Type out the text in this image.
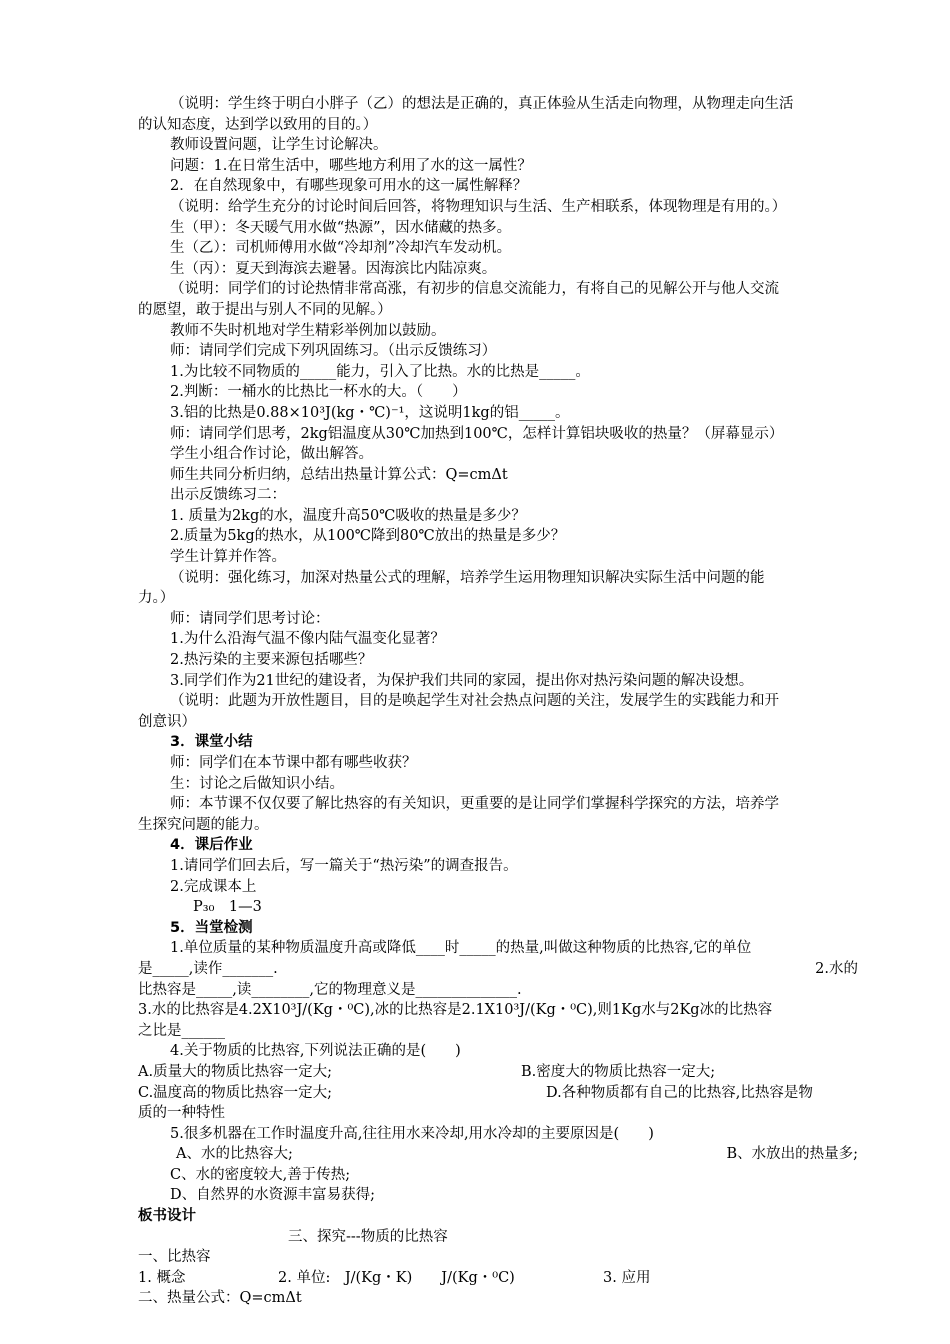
（说明：学生终于明白小胖子（乙）的想法是正确的，真正体验从生活走向物理，从物理走向生活
的认知态度，达到学以致用的目的。）
教师设置问题，让学生讨论解决。
问题：1.在日常生活中，哪些地方利用了水的这一属性？
2．在自然现象中，有哪些现象可用水的这一属性解释？
（说明：给学生充分的讨论时间后回答，将物理知识与生活、生产相联系，体现物理是有用的。）
生（甲）：冬天暖气用水做“热源”，因水储藏的热多。
生（乙）：司机师傅用水做“冷却剂”冷却汽车发动机。
生（丙）：夏天到海滨去避暑。因海滨比内陆凉爽。
（说明：同学们的讨论热情非常高涨，有初步的信息交流能力，有将自己的见解公开与他人交流
的愿望，敢于提出与别人不同的见解。）
教师不失时机地对学生精彩举例加以鼓励。
师：请同学们完成下列巩固练习。（出示反馈练习）
1.为比较不同物质的_____能力，引入了比热。水的比热是_____。
2.判断：一桶水的比热比一杯水的大。（　　）
3.铝的比热是0.88×10³J(kg・℃)⁻¹，这说明1kg的铝_____。
师：请同学们思考，2kg铝温度从30℃加热到100℃，怎样计算铝块吸收的热量？（屏幕显示）
学生小组合作讨论，做出解答。
师生共同分析归纳，总结出热量计算公式：Q=cmΔt
出示反馈练习二：
1. 质量为2kg的水，温度升高50℃吸收的热量是多少？
2.质量为5kg的热水，从100℃降到80℃放出的热量是多少？
学生计算并作答。
（说明：强化练习，加深对热量公式的理解，培养学生运用物理知识解决实际生活中问题的能
力。）
师：请同学们思考讨论：
1.为什么沿海气温不像内陆气温变化显著？
2.热污染的主要来源包括哪些？
3.同学们作为21世纪的建设者，为保护我们共同的家园，提出你对热污染问题的解决设想。
（说明：此题为开放性题目，目的是唤起学生对社会热点问题的关注，发展学生的实践能力和开
创意识）
3．课堂小结
师：同学们在本节课中都有哪些收获？
生：讨论之后做知识小结。
师：本节课不仅仅要了解比热容的有关知识，更重要的是让同学们掌握科学探究的方法，培养学
生探究问题的能力。
4．课后作业
1.请同学们回去后，写一篇关于“热污染”的调查报告。
2.完成课本上
P₃₀　1—3
5．当堂检测
1.单位质量的某种物质温度升高或降低____时_____的热量,叫做这种物质的比热容,它的单位
是_____,读作_______.	2.水的
比热容是_____,读________,它的物理意义是______________.
3.水的比热容是4.2X10³J/(Kg・⁰C),冰的比热容是2.1X10³J/(Kg・⁰C),则1Kg水与2Kg冰的比热容
之比是______
4.关于物质的比热容,下列说法正确的是(　　)
A.质量大的物质比热容一定大;	B.密度大的物质比热容一定大;
C.温度高的物质比热容一定大;	D.各种物质都有自己的比热容,比热容是物
质的一种特性
5.很多机器在工作时温度升高,往往用水来冷却,用水冷却的主要原因是(　　)
A、水的比热容大;	B、水放出的热量多;
C、水的密度较大,善于传热;
D、自然界的水资源丰富易获得;
板书设计
三、探究---物质的比热容
一、比热容
1. 概念	2. 单位:　J/(Kg・K)　　J/(Kg・⁰C)	3. 应用
二、热量公式：Q=cmΔt
